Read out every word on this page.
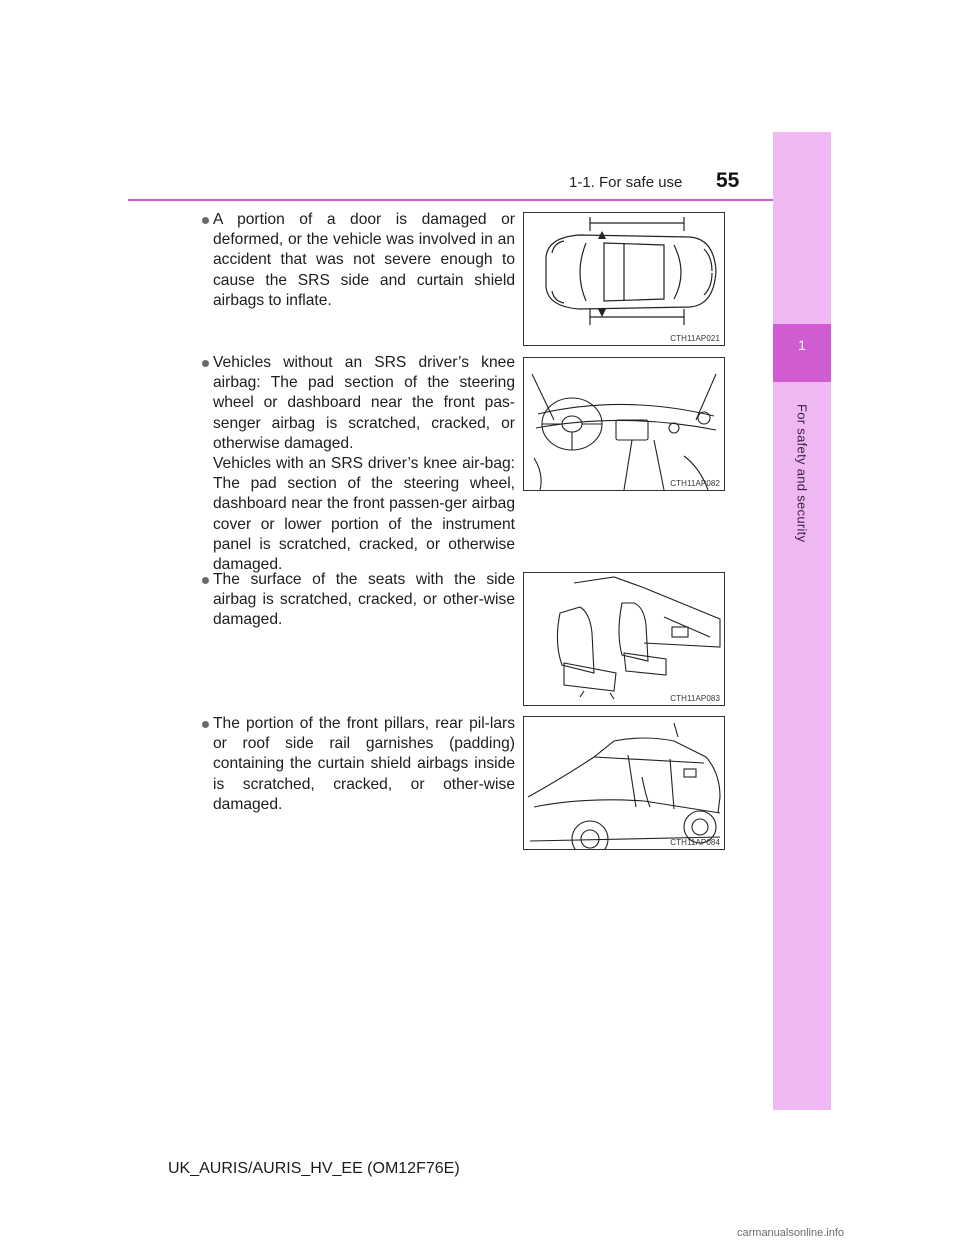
1-1. For safe use 55
1
For safety and security

A portion of a door is damaged or deformed, or the vehicle was involved in an accident that was not severe enough to cause the SRS side and curtain shield airbags to inflate.

CTH11AP021

Vehicles without an SRS driver’s knee airbag: The pad section of the steering wheel or dashboard near the front pas-senger airbag is scratched, cracked, or otherwise damaged.

Vehicles with an SRS driver’s knee air-bag: The pad section of the steering wheel, dashboard near the front passen-ger airbag cover or lower portion of the instrument panel is scratched, cracked, or otherwise damaged.

CTH11AP082

The surface of the seats with the side airbag is scratched, cracked, or other-wise damaged.

CTH11AP083

The portion of the front pillars, rear pil-lars or roof side rail garnishes (padding) containing the curtain shield airbags inside is scratched, cracked, or other-wise damaged.

CTH11AP084
UK_AURIS/AURIS_HV_EE (OM12F76E)
carmanualsonline.info
